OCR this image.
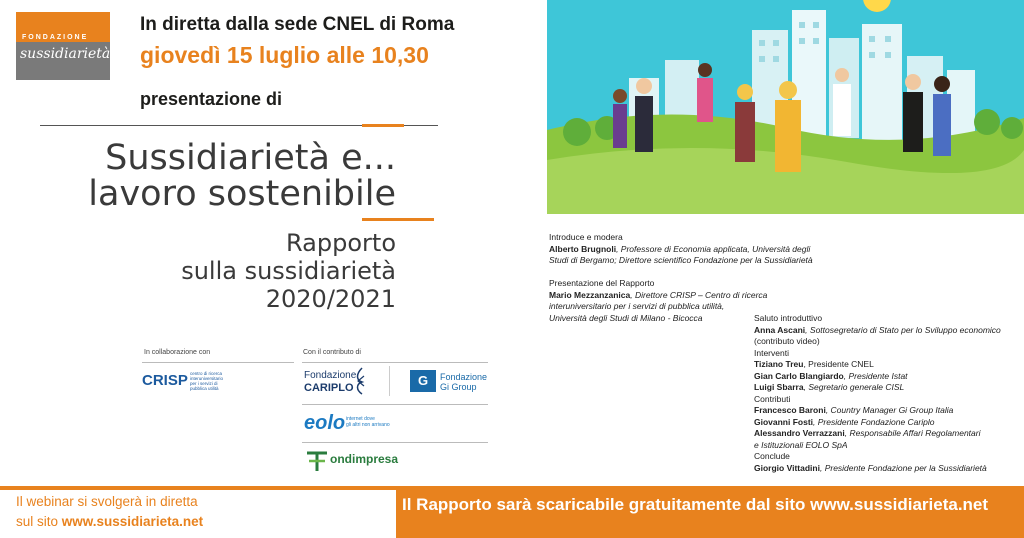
FONDAZIONE
sussidiarietà
In diretta dalla sede CNEL di Roma
giovedì 15 luglio alle 10,30
presentazione di
Sussidiarietà e...
lavoro sostenibile
Rapporto
sulla sussidiarietà
2020/2021
In collaborazione con
CRISP centro di ricerca interuniversitario per i servizi di pubblica utilità
Con il contributo di
Fondazione
CARIPLO	G	Fondazione
Gi Group
eolo internet dove
gli altri non arrivano
ondimpresa
Introduce e modera
Alberto Brugnoli, Professore di Economia applicata, Università degli
Studi di Bergamo; Direttore scientifico Fondazione per la Sussidiarietà
Presentazione del Rapporto
Mario Mezzanzanica, Direttore CRISP – Centro di ricerca
interuniversitario per i servizi di pubblica utilità,
Università degli Studi di Milano - Bicocca	Saluto introduttivo
Anna Ascani, Sottosegretario di Stato per lo Sviluppo economico
(contributo video)
Interventi
Tiziano Treu, Presidente CNEL
Gian Carlo Blangiardo, Presidente Istat
Luigi Sbarra, Segretario generale CISL
Contributi
Francesco Baroni, Country Manager Gi Group Italia
Giovanni Fosti, Presidente Fondazione Cariplo
Alessandro Verrazzani, Responsabile Affari Regolamentari
e Istituzionali EOLO SpA
Conclude
Giorgio Vittadini, Presidente Fondazione per la Sussidiarietà
Il webinar si svolgerà in diretta
sul sito www.sussidiarieta.net
Il Rapporto sarà scaricabile gratuitamente dal sito www.sussidiarieta.net
